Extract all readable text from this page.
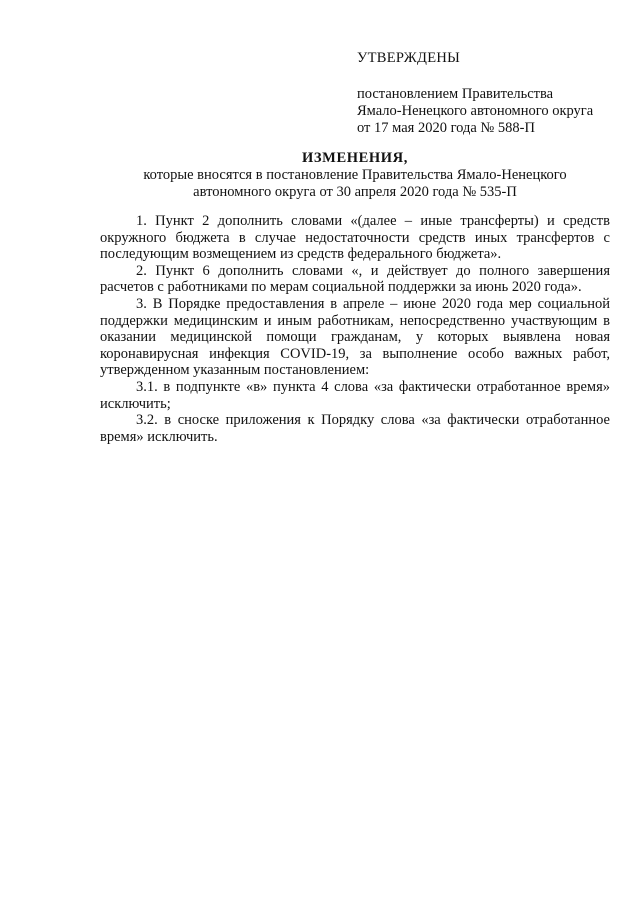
УТВЕРЖДЕНЫ
постановлением Правительства
Ямало-Ненецкого автономного округа
от 17 мая 2020 года № 588-П
ИЗМЕНЕНИЯ,
которые вносятся в постановление Правительства Ямало-Ненецкого
автономного округа от 30 апреля 2020 года № 535-П

1. Пункт 2 дополнить словами «(далее – иные трансферты) и средств окружного бюджета в случае недостаточности средств иных трансфертов с последующим возмещением из средств федерального бюджета».

2. Пункт 6 дополнить словами «, и действует до полного завершения расчетов с работниками по мерам социальной поддержки за июнь 2020 года».

3. В Порядке предоставления в апреле – июне 2020 года мер социальной поддержки медицинским и иным работникам, непосредственно участвующим в оказании медицинской помощи гражданам, у которых выявлена новая коронавирусная инфекция COVID-19, за выполнение особо важных работ, утвержденном указанным постановлением:

3.1. в подпункте «в» пункта 4 слова «за фактически отработанное время» исключить;

3.2. в сноске приложения к Порядку слова «за фактически отработанное время» исключить.
